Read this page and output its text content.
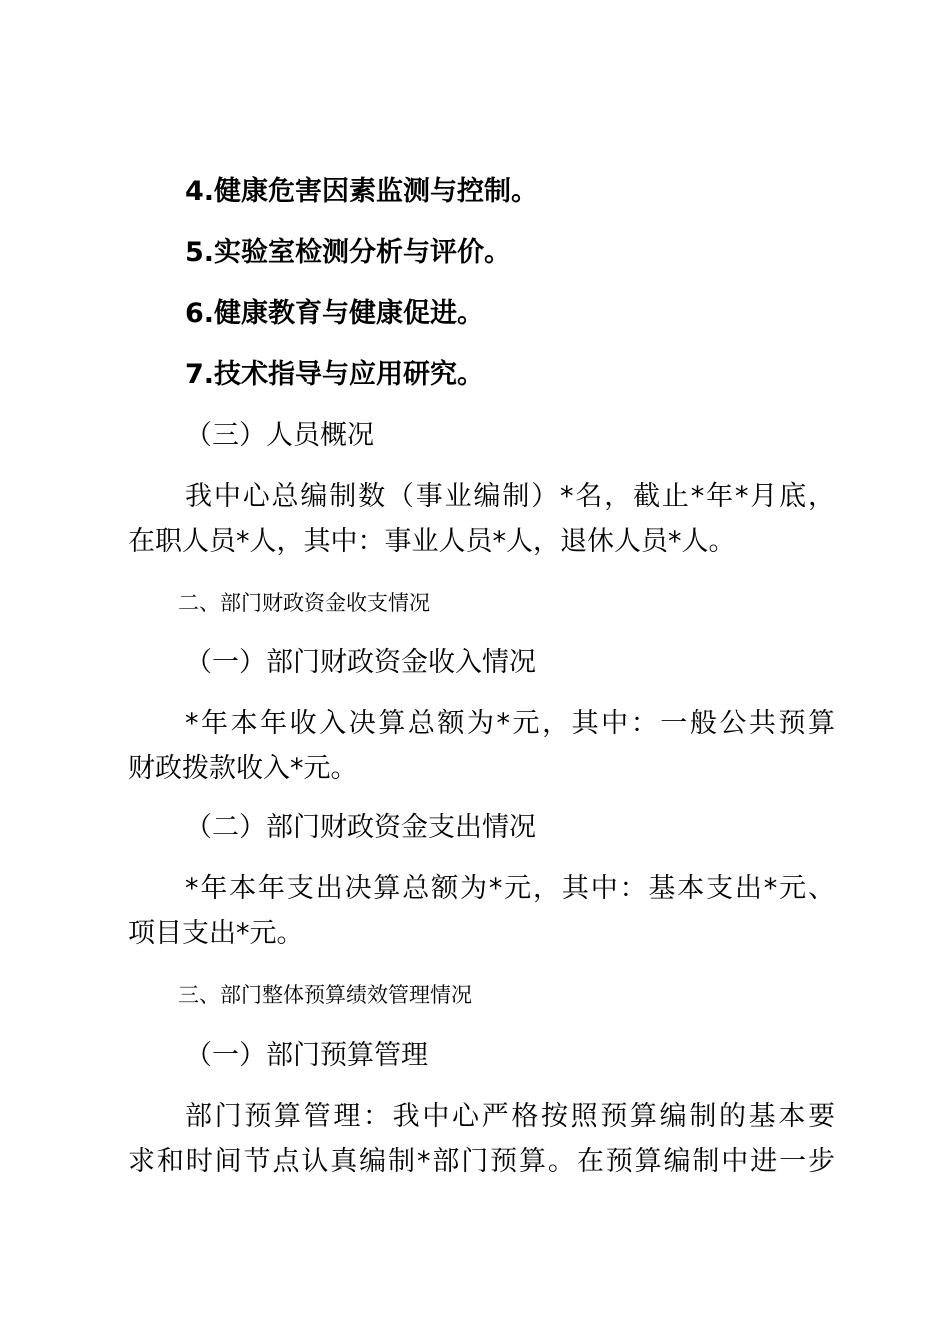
4.健康危害因素监测与控制。

5.实验室检测分析与评价。

6.健康教育与健康促进。

7.技术指导与应用研究。

（三）人员概况

我中心总编制数（事业编制）*名，截止*年*月底，

在职人员*人，其中：事业人员*人，退休人员*人。

二、部门财政资金收支情况

（一）部门财政资金收入情况

*年本年收入决算总额为*元，其中：一般公共预算

财政拨款收入*元。

（二）部门财政资金支出情况

*年本年支出决算总额为*元，其中：基本支出*元、

项目支出*元。

三、部门整体预算绩效管理情况

（一）部门预算管理

部门预算管理：我中心严格按照预算编制的基本要

求和时间节点认真编制*部门预算。在预算编制中进一步
